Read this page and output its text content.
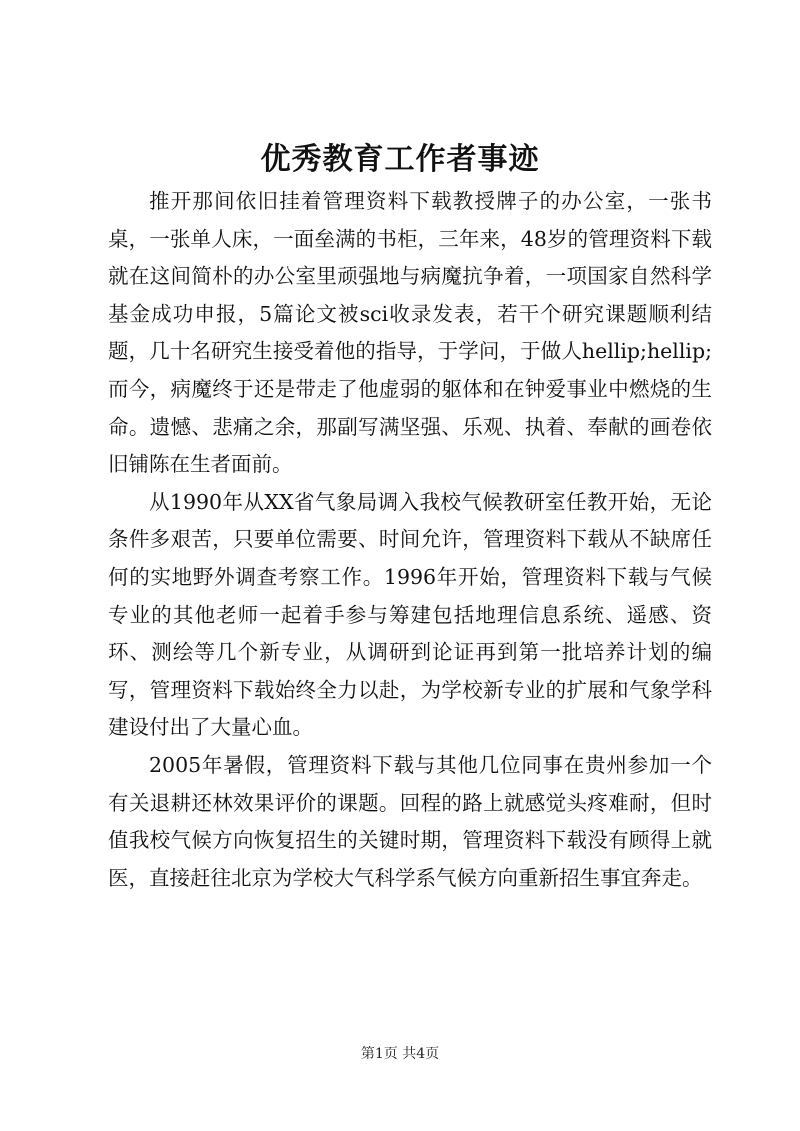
优秀教育工作者事迹

推开那间依旧挂着管理资料下载教授牌子的办公室，一张书桌，一张单人床，一面垒满的书柜，三年来，48岁的管理资料下载就在这间简朴的办公室里顽强地与病魔抗争着，一项国家自然科学基金成功申报，5篇论文被sci收录发表，若干个研究课题顺利结题，几十名研究生接受着他的指导，于学问，于做人hellip;hellip;而今，病魔终于还是带走了他虚弱的躯体和在钟爱事业中燃烧的生命。遗憾、悲痛之余，那副写满坚强、乐观、执着、奉献的画卷依旧铺陈在生者面前。

从1990年从XX省气象局调入我校气候教研室任教开始，无论条件多艰苦，只要单位需要、时间允许，管理资料下载从不缺席任何的实地野外调查考察工作。1996年开始，管理资料下载与气候专业的其他老师一起着手参与筹建包括地理信息系统、遥感、资环、测绘等几个新专业，从调研到论证再到第一批培养计划的编写，管理资料下载始终全力以赴，为学校新专业的扩展和气象学科建设付出了大量心血。

2005年暑假，管理资料下载与其他几位同事在贵州参加一个有关退耕还林效果评价的课题。回程的路上就感觉头疼难耐，但时值我校气候方向恢复招生的关键时期，管理资料下载没有顾得上就医，直接赶往北京为学校大气科学系气候方向重新招生事宜奔走。

第1页 共4页
